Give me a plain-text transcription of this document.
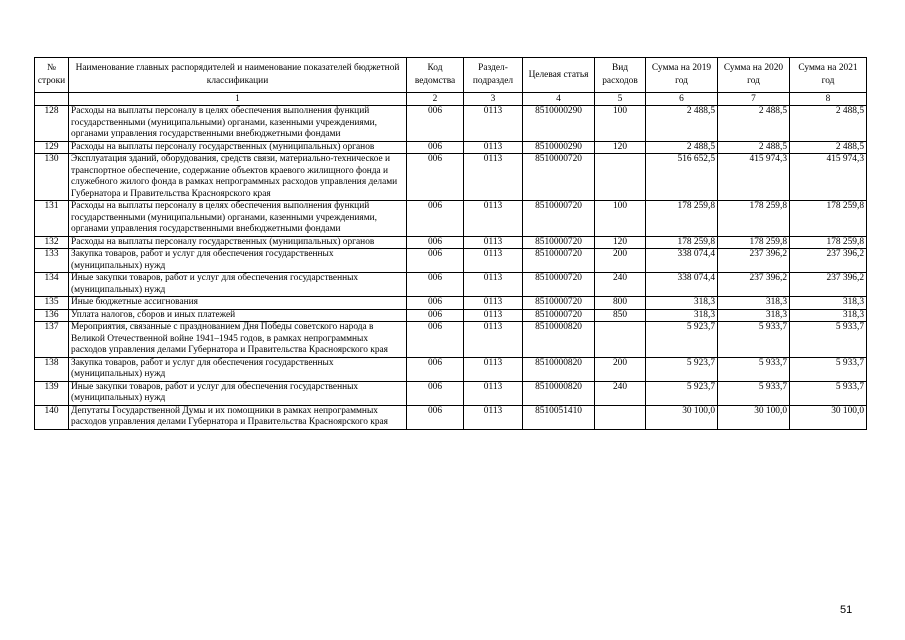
№ строки	Наименование главных распорядителей и наименование показателей бюджетной классификации	Код ведомства	Раздел-подраздел	Целевая статья	Вид расходов	Сумма на 2019 год	Сумма на 2020 год	Сумма на 2021 год
	1	2	3	4	5	6	7	8
128	Расходы на выплаты персоналу в целях обеспечения выполнения функций государственными (муниципальными) органами, казенными учреждениями, органами управления государственными внебюджетными фондами	006	0113	8510000290	100	2 488,5	2 488,5	2 488,5
129	Расходы на выплаты персоналу государственных (муниципальных) органов	006	0113	8510000290	120	2 488,5	2 488,5	2 488,5
130	Эксплуатация зданий, оборудования, средств связи, материально-техническое и транспортное обеспечение, содержание объектов краевого жилищного фонда и служебного жилого фонда в рамках непрограммных расходов управления делами Губернатора и Правительства Красноярского края	006	0113	8510000720		516 652,5	415 974,3	415 974,3
131	Расходы на выплаты персоналу в целях обеспечения выполнения функций государственными (муниципальными) органами, казенными учреждениями, органами управления государственными внебюджетными фондами	006	0113	8510000720	100	178 259,8	178 259,8	178 259,8
132	Расходы на выплаты персоналу государственных (муниципальных) органов	006	0113	8510000720	120	178 259,8	178 259,8	178 259,8
133	Закупка товаров, работ и услуг для обеспечения государственных (муниципальных) нужд	006	0113	8510000720	200	338 074,4	237 396,2	237 396,2
134	Иные закупки товаров, работ и услуг для обеспечения государственных (муниципальных) нужд	006	0113	8510000720	240	338 074,4	237 396,2	237 396,2
135	Иные бюджетные ассигнования	006	0113	8510000720	800	318,3	318,3	318,3
136	Уплата налогов, сборов и иных платежей	006	0113	8510000720	850	318,3	318,3	318,3
137	Мероприятия, связанные с празднованием Дня Победы советского народа в Великой Отечественной войне 1941–1945 годов, в рамках непрограммных расходов управления делами Губернатора и Правительства Красноярского края	006	0113	8510000820		5 923,7	5 933,7	5 933,7
138	Закупка товаров, работ и услуг для обеспечения государственных (муниципальных) нужд	006	0113	8510000820	200	5 923,7	5 933,7	5 933,7
139	Иные закупки товаров, работ и услуг для обеспечения государственных (муниципальных) нужд	006	0113	8510000820	240	5 923,7	5 933,7	5 933,7
140	Депутаты Государственной Думы и их помощники в рамках непрограммных расходов управления делами Губернатора и Правительства Красноярского края	006	0113	8510051410		30 100,0	30 100,0	30 100,0
51
